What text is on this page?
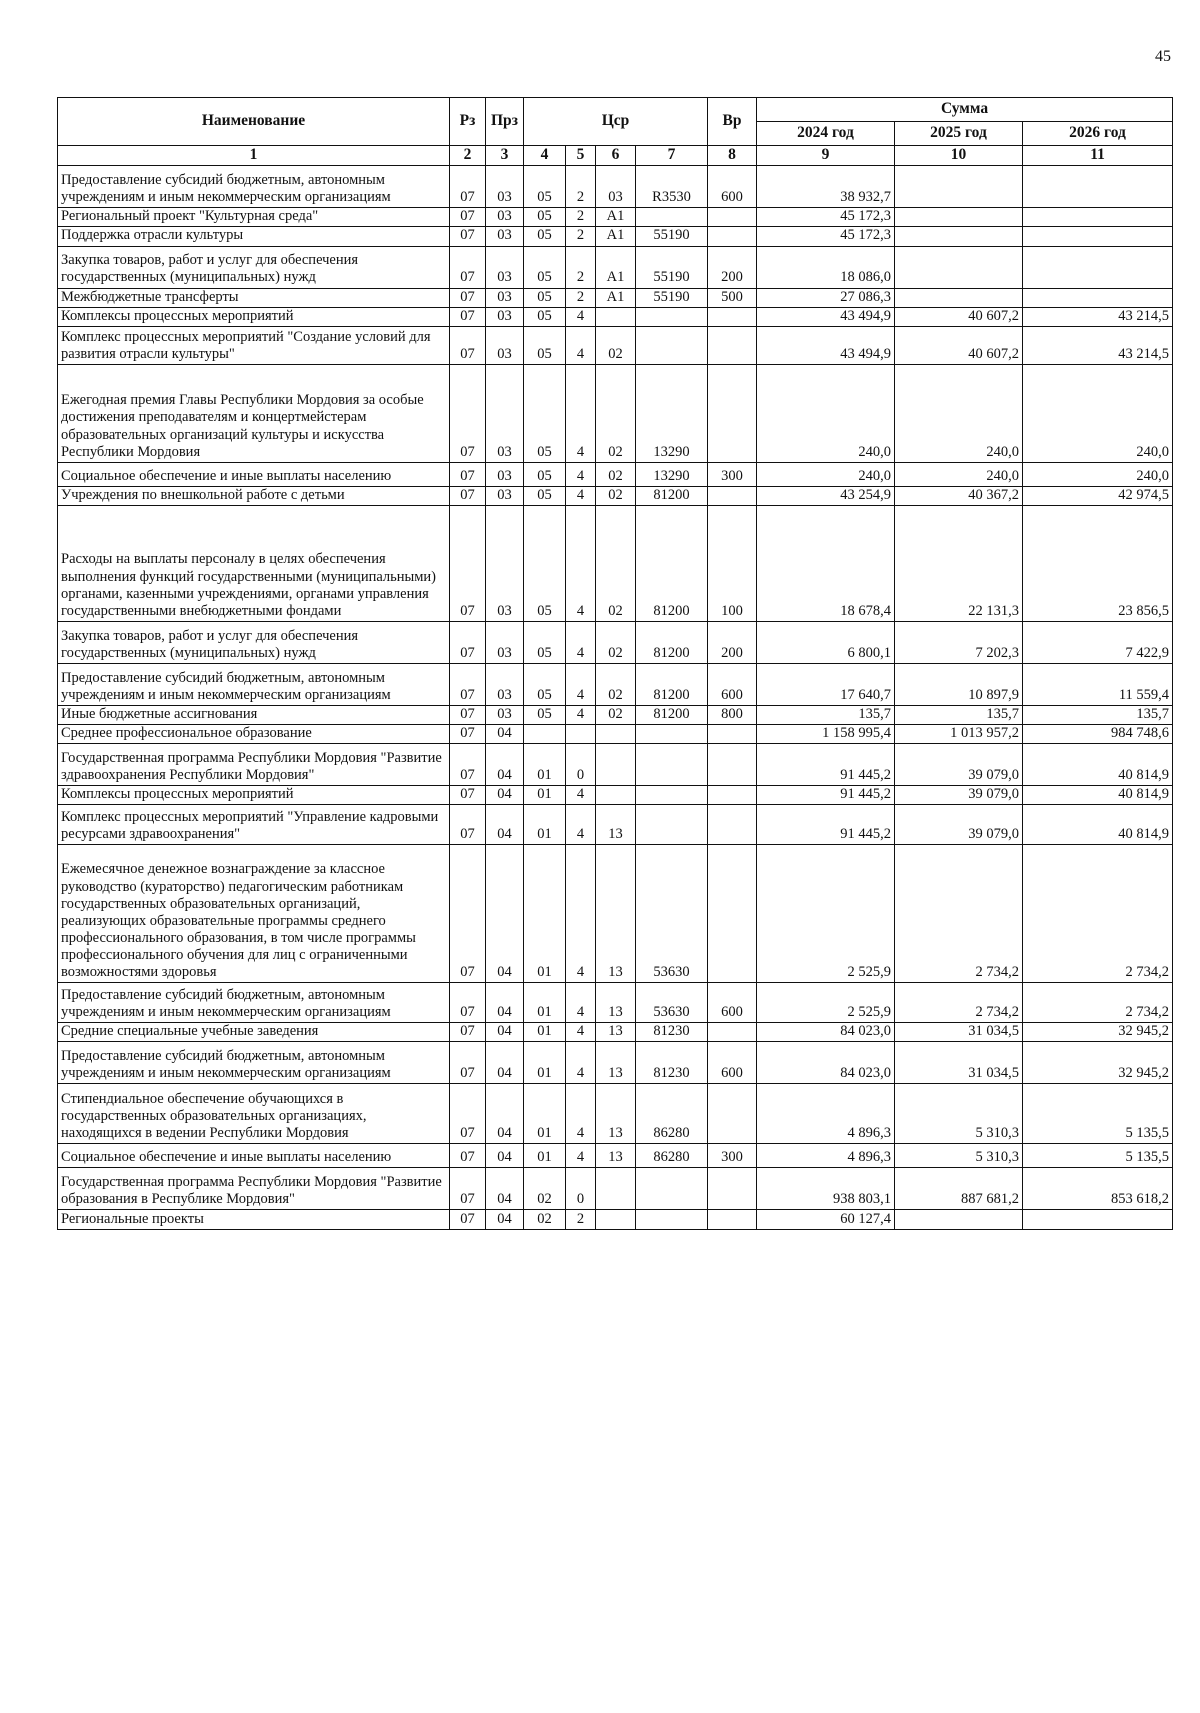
45
Наименование	Рз	Прз	Цср				Вр	Сумма		
								2024 год	2025 год	2026 год
1	2	3	4	5	6	7	8	9	10	11
Предоставление субсидий бюджетным, автономным учреждениям и иным некоммерческим организациям	07	03	05	2	03	R3530	600	38 932,7		
Региональный проект "Культурная среда"	07	03	05	2	А1			45 172,3		
Поддержка отрасли культуры	07	03	05	2	А1	55190		45 172,3		
Закупка товаров, работ и услуг для обеспечения государственных (муниципальных) нужд	07	03	05	2	А1	55190	200	18 086,0		
Межбюджетные трансферты	07	03	05	2	А1	55190	500	27 086,3		
Комплексы процессных мероприятий	07	03	05	4				43 494,9	40 607,2	43 214,5
Комплекс процессных мероприятий "Создание условий для развития отрасли культуры"	07	03	05	4	02			43 494,9	40 607,2	43 214,5
Ежегодная премия Главы Республики Мордовия за особые достижения преподавателям и концертмейстерам образовательных организаций культуры и искусства Республики Мордовия	07	03	05	4	02	13290		240,0	240,0	240,0
Социальное обеспечение и иные выплаты населению	07	03	05	4	02	13290	300	240,0	240,0	240,0
Учреждения по внешкольной работе с детьми	07	03	05	4	02	81200		43 254,9	40 367,2	42 974,5
Расходы на выплаты персоналу в целях обеспечения выполнения функций государственными (муниципальными) органами, казенными учреждениями, органами управления государственными внебюджетными фондами	07	03	05	4	02	81200	100	18 678,4	22 131,3	23 856,5
Закупка товаров, работ и услуг для обеспечения государственных (муниципальных) нужд	07	03	05	4	02	81200	200	6 800,1	7 202,3	7 422,9
Предоставление субсидий бюджетным, автономным учреждениям и иным некоммерческим организациям	07	03	05	4	02	81200	600	17 640,7	10 897,9	11 559,4
Иные бюджетные ассигнования	07	03	05	4	02	81200	800	135,7	135,7	135,7
Среднее профессиональное образование	07	04						1 158 995,4	1 013 957,2	984 748,6
Государственная программа Республики Мордовия "Развитие здравоохранения Республики Мордовия"	07	04	01	0				91 445,2	39 079,0	40 814,9
Комплексы процессных мероприятий	07	04	01	4				91 445,2	39 079,0	40 814,9
Комплекс процессных мероприятий "Управление кадровыми ресурсами здравоохранения"	07	04	01	4	13			91 445,2	39 079,0	40 814,9
Ежемесячное денежное вознаграждение за классное руководство (кураторство) педагогическим работникам государственных образовательных организаций, реализующих образовательные программы среднего профессионального образования, в том числе программы профессионального обучения для лиц с ограниченными возможностями здоровья	07	04	01	4	13	53630		2 525,9	2 734,2	2 734,2
Предоставление субсидий бюджетным, автономным учреждениям и иным некоммерческим организациям	07	04	01	4	13	53630	600	2 525,9	2 734,2	2 734,2
Средние специальные учебные заведения	07	04	01	4	13	81230		84 023,0	31 034,5	32 945,2
Предоставление субсидий бюджетным, автономным учреждениям и иным некоммерческим организациям	07	04	01	4	13	81230	600	84 023,0	31 034,5	32 945,2
Стипендиальное обеспечение обучающихся в государственных образовательных организациях, находящихся в ведении Республики Мордовия	07	04	01	4	13	86280		4 896,3	5 310,3	5 135,5
Социальное обеспечение и иные выплаты населению	07	04	01	4	13	86280	300	4 896,3	5 310,3	5 135,5
Государственная программа Республики Мордовия "Развитие образования в Республике Мордовия"	07	04	02	0				938 803,1	887 681,2	853 618,2
Региональные проекты	07	04	02	2				60 127,4		
